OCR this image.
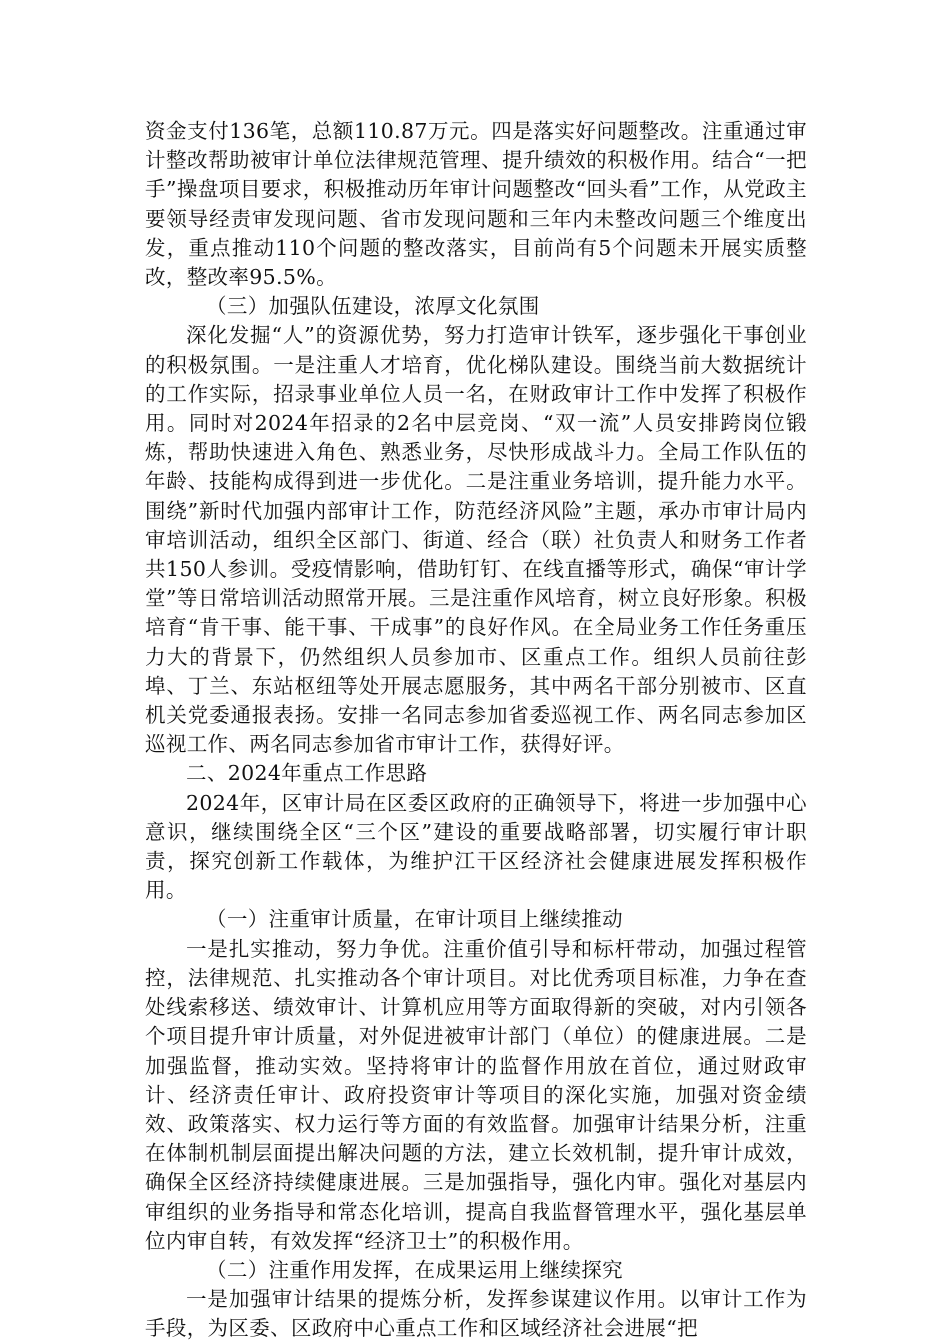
资金支付136笔，总额110.87万元。四是落实好问题整改。注重通过审计整改帮助被审计单位法律规范管理、提升绩效的积极作用。结合“一把手”操盘项目要求，积极推动历年审计问题整改“回头看”工作，从党政主要领导经责审发现问题、省市发现问题和三年内未整改问题三个维度出发，重点推动110个问题的整改落实，目前尚有5个问题未开展实质整改，整改率95.5%。

（三）加强队伍建设，浓厚文化氛围

深化发掘“人”的资源优势，努力打造审计铁军，逐步强化干事创业的积极氛围。一是注重人才培育，优化梯队建设。围绕当前大数据统计的工作实际，招录事业单位人员一名，在财政审计工作中发挥了积极作用。同时对2024年招录的2名中层竞岗、“双一流”人员安排跨岗位锻炼，帮助快速进入角色、熟悉业务，尽快形成战斗力。全局工作队伍的年龄、技能构成得到进一步优化。二是注重业务培训，提升能力水平。围绕”新时代加强内部审计工作，防范经济风险”主题，承办市审计局内审培训活动，组织全区部门、街道、经合（联）社负责人和财务工作者共150人参训。受疫情影响，借助钉钉、在线直播等形式，确保“审计学堂”等日常培训活动照常开展。三是注重作风培育，树立良好形象。积极培育“肯干事、能干事、干成事”的良好作风。在全局业务工作任务重压力大的背景下，仍然组织人员参加市、区重点工作。组织人员前往彭埠、丁兰、东站枢纽等处开展志愿服务，其中两名干部分别被市、区直机关党委通报表扬。安排一名同志参加省委巡视工作、两名同志参加区巡视工作、两名同志参加省市审计工作，获得好评。

二、2024年重点工作思路

2024年，区审计局在区委区政府的正确领导下，将进一步加强中心意识，继续围绕全区“三个区”建设的重要战略部署，切实履行审计职责，探究创新工作载体，为维护江干区经济社会健康进展发挥积极作用。

（一）注重审计质量，在审计项目上继续推动

一是扎实推动，努力争优。注重价值引导和标杆带动，加强过程管控，法律规范、扎实推动各个审计项目。对比优秀项目标准，力争在查处线索移送、绩效审计、计算机应用等方面取得新的突破，对内引领各个项目提升审计质量，对外促进被审计部门（单位）的健康进展。二是加强监督，推动实效。坚持将审计的监督作用放在首位，通过财政审计、经济责任审计、政府投资审计等项目的深化实施，加强对资金绩效、政策落实、权力运行等方面的有效监督。加强审计结果分析，注重在体制机制层面提出解决问题的方法，建立长效机制，提升审计成效，确保全区经济持续健康进展。三是加强指导，强化内审。强化对基层内审组织的业务指导和常态化培训，提高自我监督管理水平，强化基层单位内审自转，有效发挥“经济卫士”的积极作用。

（二）注重作用发挥，在成果运用上继续探究

一是加强审计结果的提炼分析，发挥参谋建议作用。以审计工作为手段，为区委、区政府中心重点工作和区域经济社会进展“把
